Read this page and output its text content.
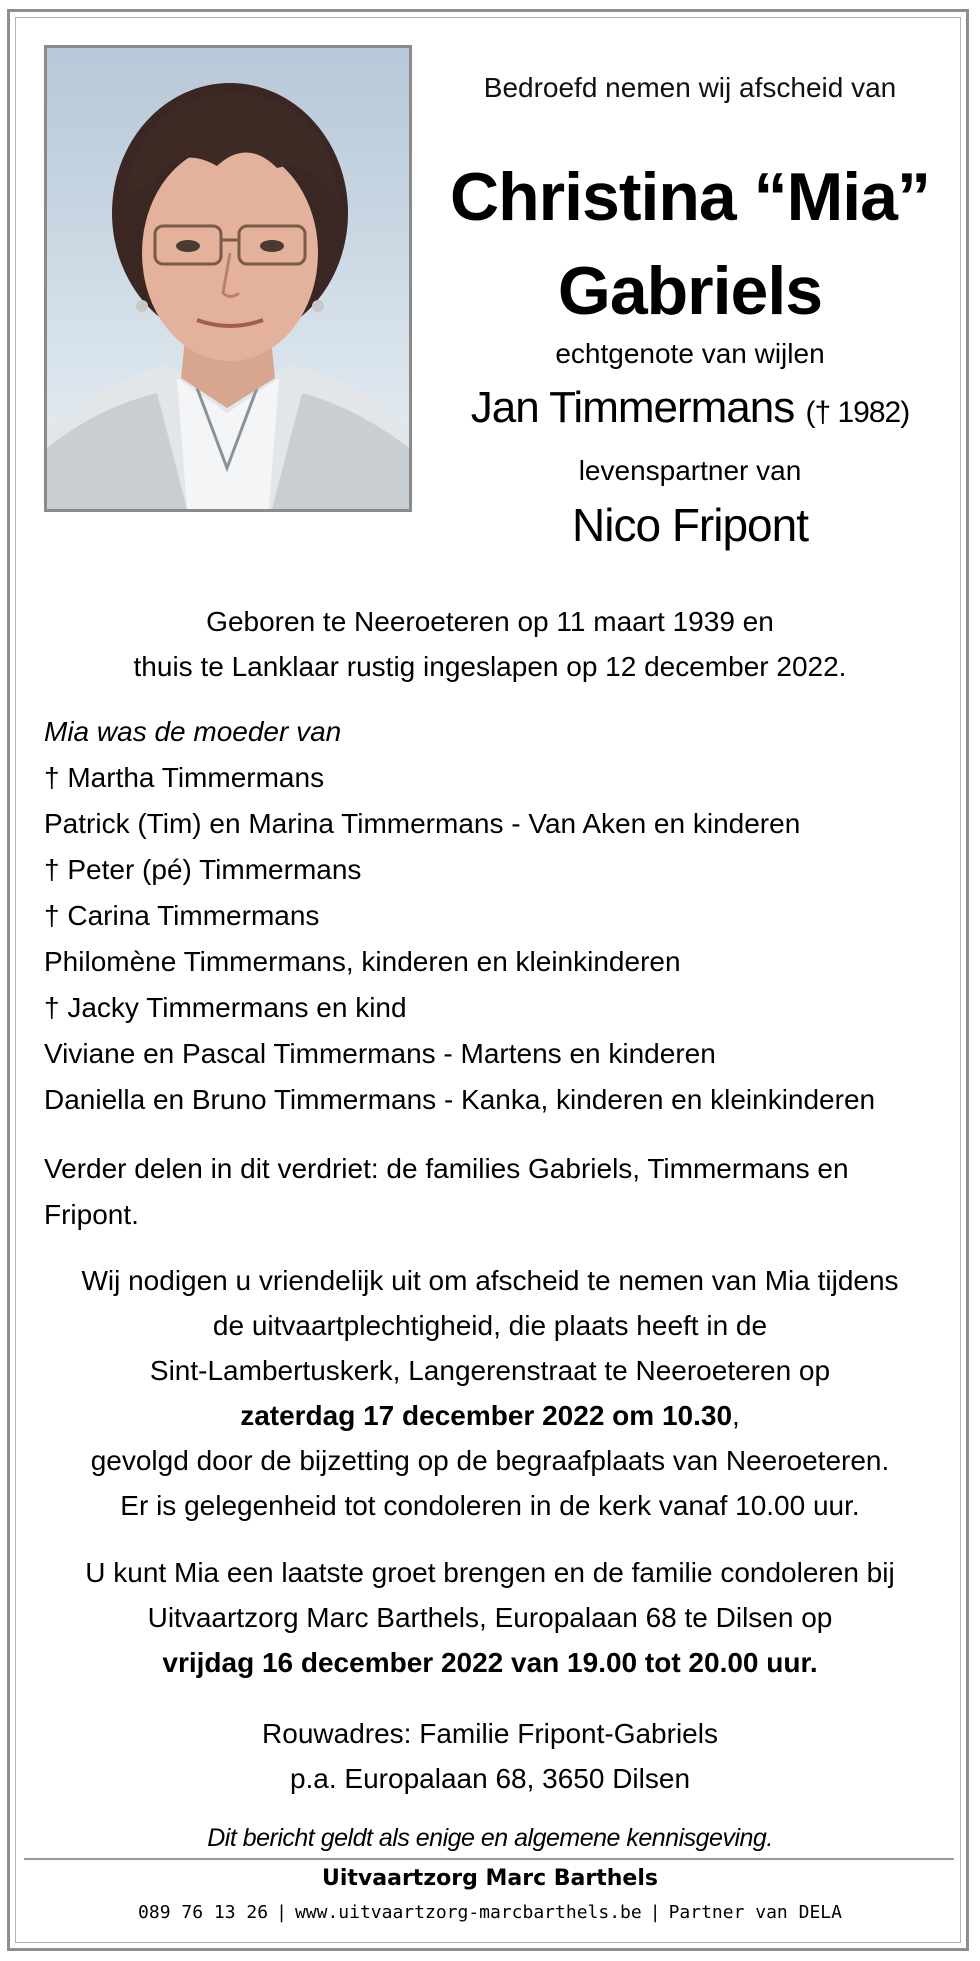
Bedroefd nemen wij afscheid van
Christina “Mia”
Gabriels
echtgenote van wijlen
Jan Timmermans († 1982)
levenspartner van
Nico Fripont
Geboren te Neeroeteren op 11 maart 1939 en
thuis te Lanklaar rustig ingeslapen op 12 december 2022.
Mia was de moeder van
† Martha Timmermans
Patrick (Tim) en Marina Timmermans - Van Aken en kinderen
† Peter (pé) Timmermans
† Carina Timmermans
Philomène Timmermans, kinderen en kleinkinderen
† Jacky Timmermans en kind
Viviane en Pascal Timmermans - Martens en kinderen
Daniella en Bruno Timmermans - Kanka, kinderen en kleinkinderen
Verder delen in dit verdriet: de families Gabriels, Timmermans en
Fripont.
Wij nodigen u vriendelijk uit om afscheid te nemen van Mia tijdens
de uitvaartplechtigheid, die plaats heeft in de
Sint-Lambertuskerk, Langerenstraat te Neeroeteren op
zaterdag 17 december 2022 om 10.30,
gevolgd door de bijzetting op de begraafplaats van Neeroeteren.
Er is gelegenheid tot condoleren in de kerk vanaf 10.00 uur.
U kunt Mia een laatste groet brengen en de familie condoleren bij
Uitvaartzorg Marc Barthels, Europalaan 68 te Dilsen op
vrijdag 16 december 2022 van 19.00 tot 20.00 uur.
Rouwadres: Familie Fripont-Gabriels
p.a. Europalaan 68, 3650 Dilsen
Dit bericht geldt als enige en algemene kennisgeving.
Uitvaartzorg Marc Barthels
089 76 13 26 | www.uitvaartzorg-marcbarthels.be | Partner van DELA
